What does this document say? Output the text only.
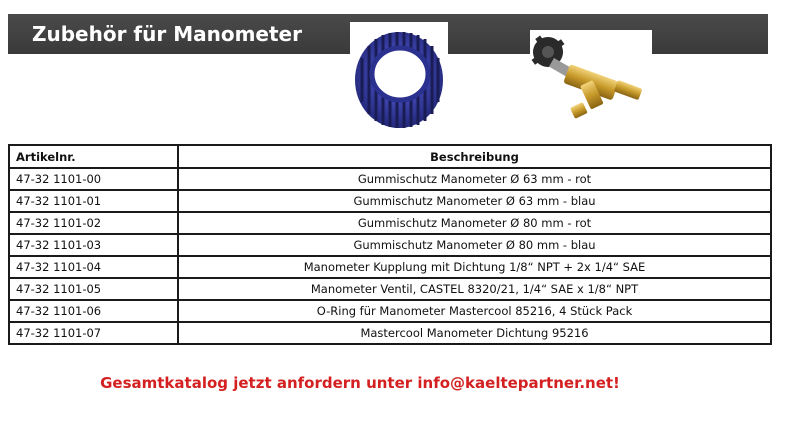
Zubehör für Manometer
Artikelnr.	Beschreibung
47-32 1101-00	Gummischutz Manometer Ø 63 mm - rot
47-32 1101-01	Gummischutz Manometer Ø 63 mm - blau
47-32 1101-02	Gummischutz Manometer Ø 80 mm - rot
47-32 1101-03	Gummischutz Manometer Ø 80 mm - blau
47-32 1101-04	Manometer Kupplung mit Dichtung 1/8“ NPT + 2x 1/4“ SAE
47-32 1101-05	Manometer Ventil, CASTEL 8320/21, 1/4“ SAE x 1/8“ NPT
47-32 1101-06	O-Ring für Manometer Mastercool 85216, 4 Stück Pack
47-32 1101-07	Mastercool Manometer Dichtung 95216
Gesamtkatalog jetzt anfordern unter info@kaeltepartner.net!
